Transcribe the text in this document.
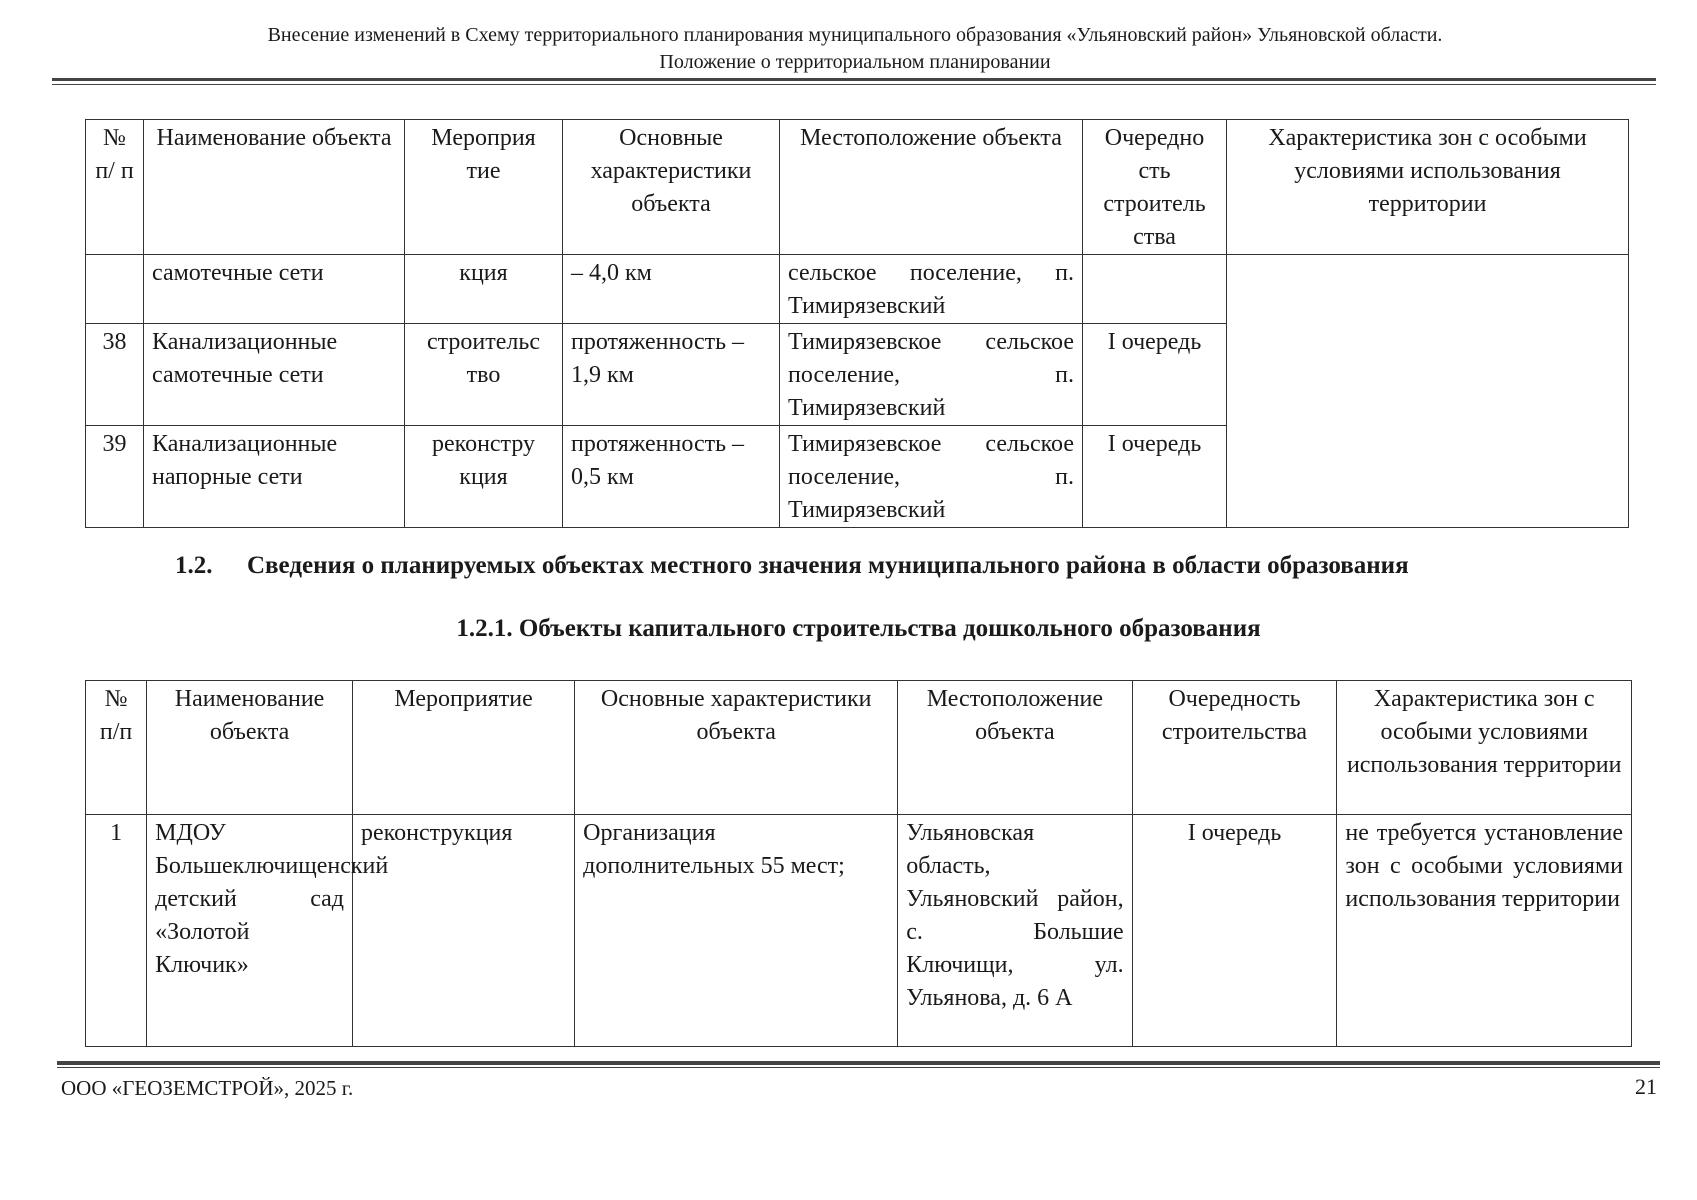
Внесение изменений в Схему территориального планирования муниципального образования «Ульяновский район» Ульяновской области.
Положение о территориальном планировании
№ п/ п	Наименование объекта	Мероприя тие	Основные характеристики объекта	Местоположение объекта	Очередно сть строитель ства	Характеристика зон с особыми условиями использования территории
	самотечные сети	кция	– 4,0 км	сельское поселение, п. Тимирязевский		
38	Канализационные самотечные сети	строительс тво	протяженность – 1,9 км	Тимирязевское сельское поселение, п. Тимирязевский	I очередь	
39	Канализационные напорные сети	реконстру кция	протяженность – 0,5 км	Тимирязевское сельское поселение, п. Тимирязевский	I очередь	
1.2. Сведения о планируемых объектах местного значения муниципального района в области образования
1.2.1. Объекты капитального строительства дошкольного образования
№ п/п	Наименование объекта	Мероприятие	Основные характеристики объекта	Местоположение объекта	Очередность строительства	Характеристика зон с особыми условиями использования территории
1	МДОУ Большеключищенский детский сад «Золотой Ключик»	реконструкция	Организация дополнительных 55 мест;	Ульяновская область, Ульяновский район, с. Большие Ключищи, ул. Ульянова, д. 6 А	I очередь	не требуется установление зон с особыми условиями использования территории
ООО «ГЕОЗЕМСТРОЙ», 2025 г.	21
